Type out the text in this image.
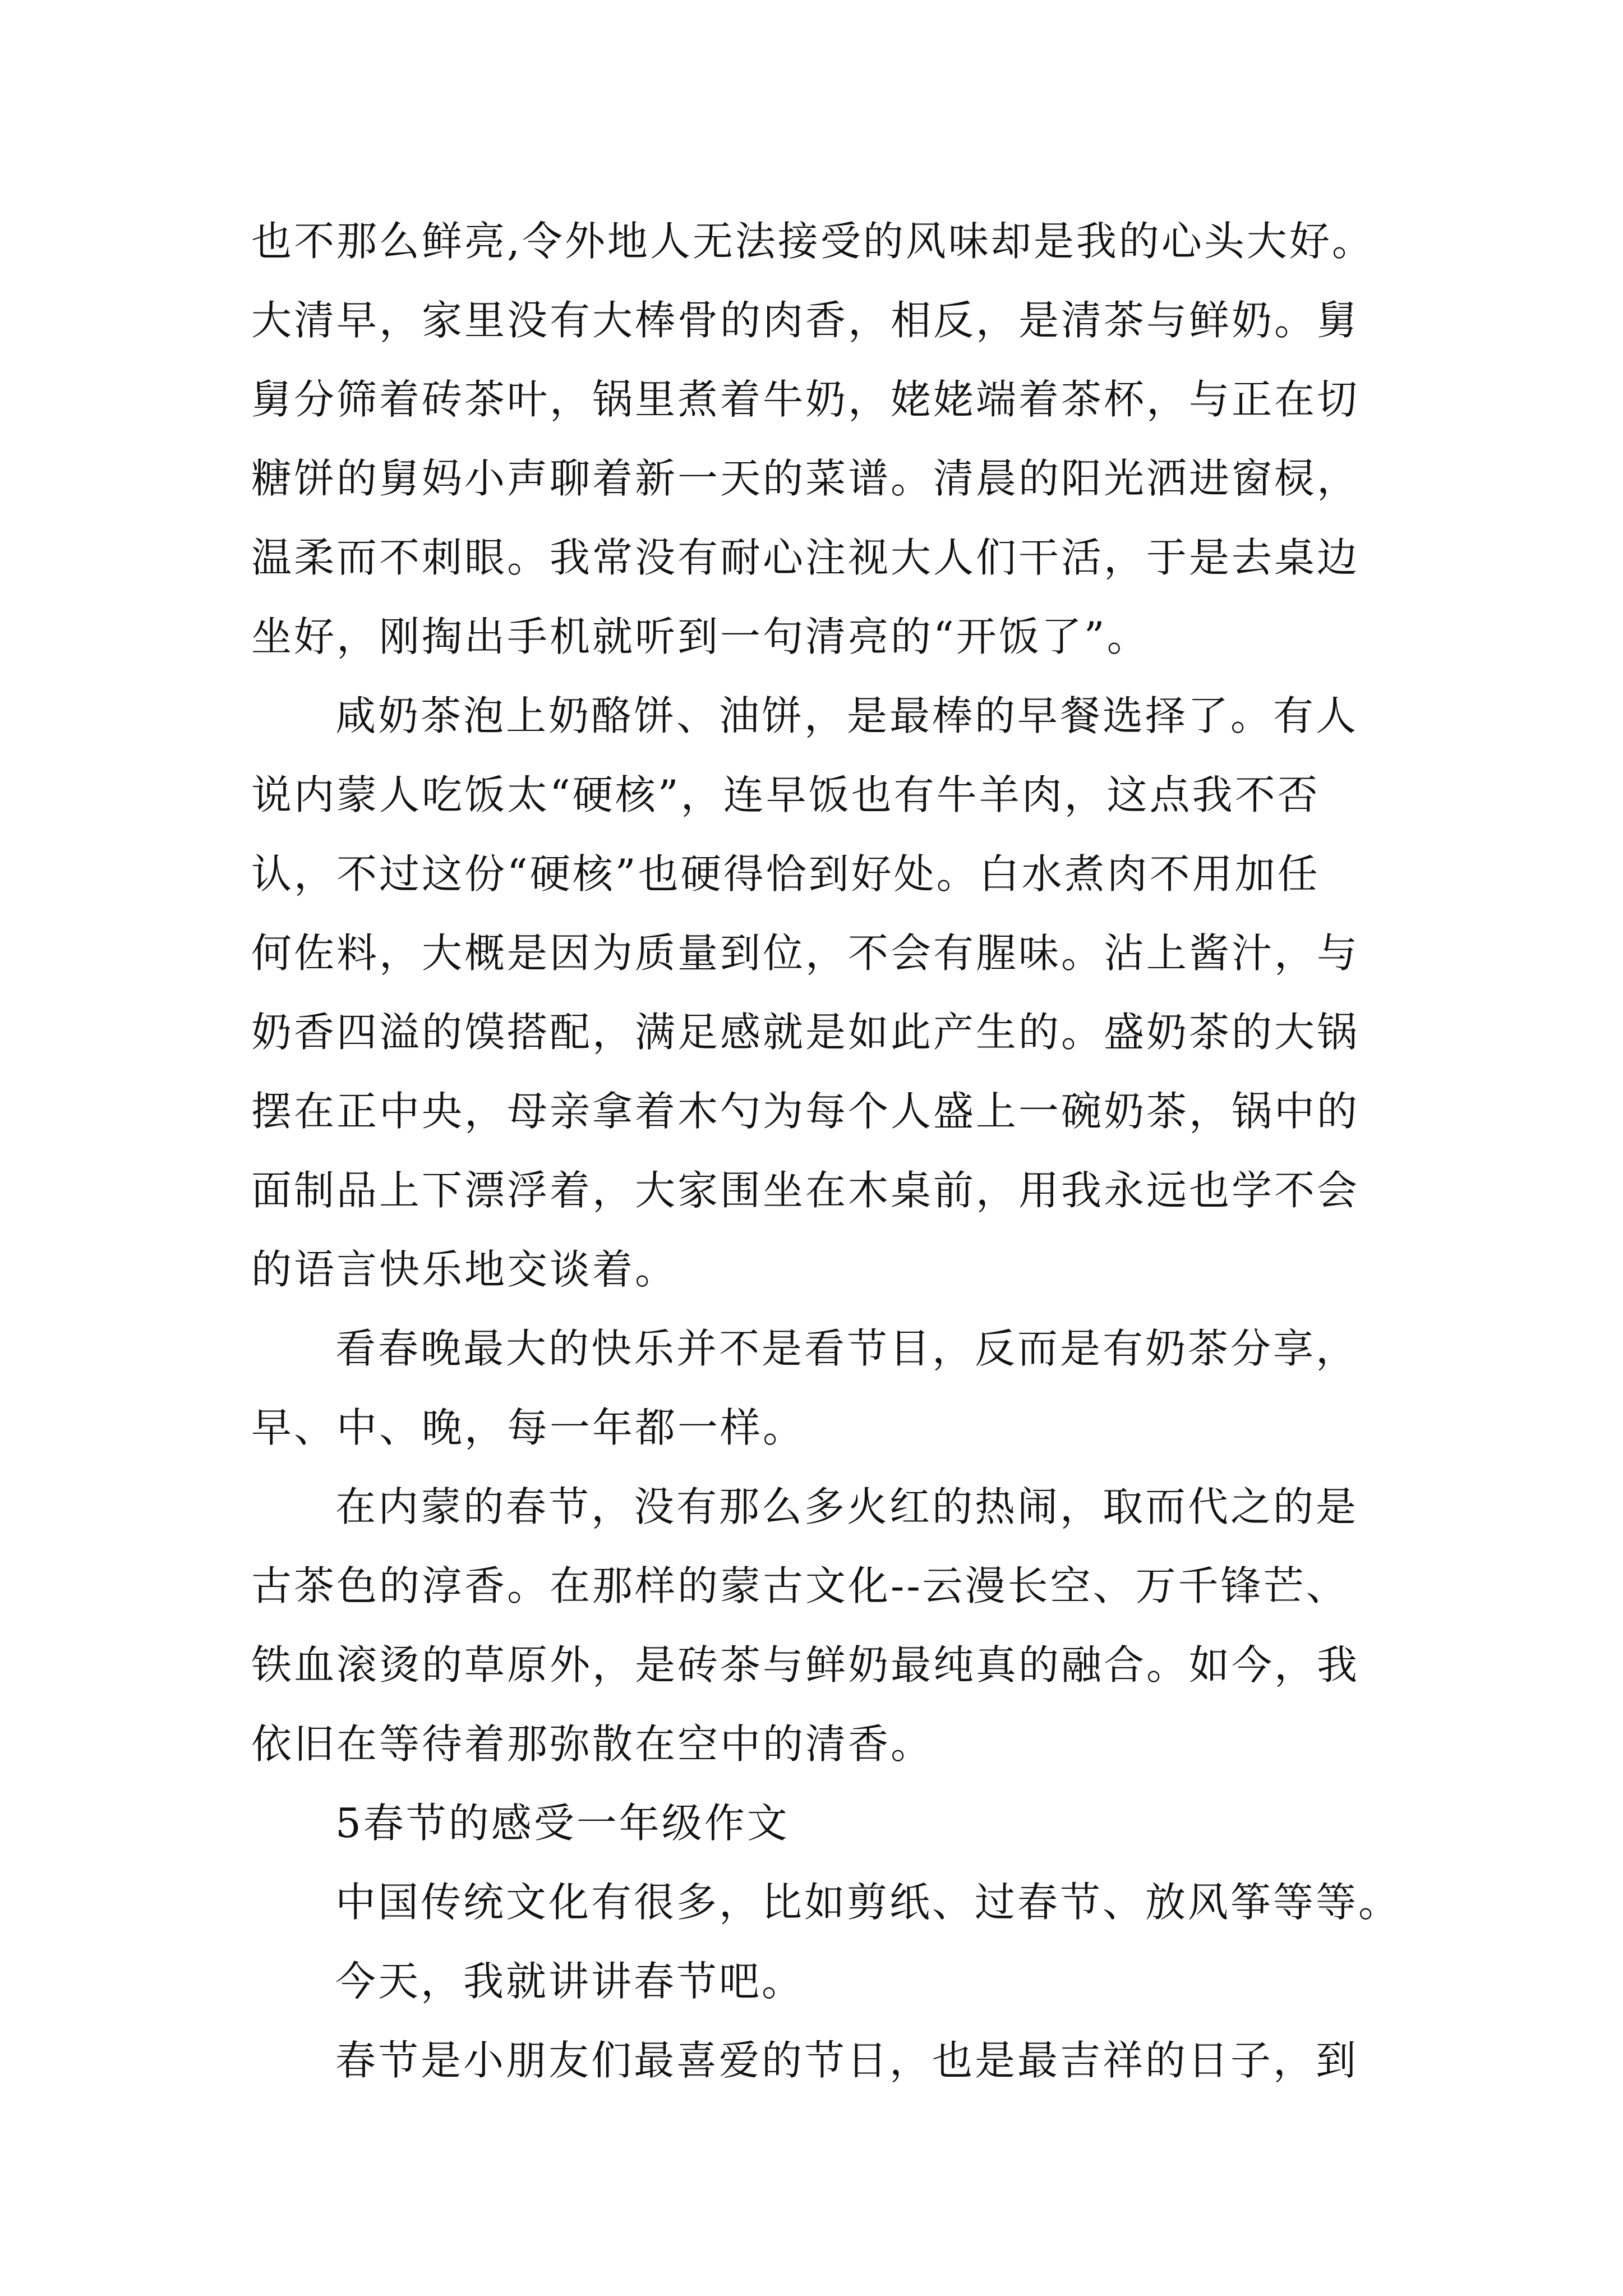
也不那么鲜亮,令外地人无法接受的风味却是我的心头大好。
大清早，家里没有大棒骨的肉香，相反，是清茶与鲜奶。舅
舅分筛着砖茶叶，锅里煮着牛奶，姥姥端着茶杯，与正在切
糖饼的舅妈小声聊着新一天的菜谱。清晨的阳光洒进窗棂，
温柔而不刺眼。我常没有耐心注视大人们干活，于是去桌边
坐好，刚掏出手机就听到一句清亮的“开饭了”。
咸奶茶泡上奶酪饼、油饼，是最棒的早餐选择了。有人
说内蒙人吃饭太“硬核”，连早饭也有牛羊肉，这点我不否
认，不过这份“硬核”也硬得恰到好处。白水煮肉不用加任
何佐料，大概是因为质量到位，不会有腥味。沾上酱汁，与
奶香四溢的馍搭配，满足感就是如此产生的。盛奶茶的大锅
摆在正中央，母亲拿着木勺为每个人盛上一碗奶茶，锅中的
面制品上下漂浮着，大家围坐在木桌前，用我永远也学不会
的语言快乐地交谈着。
看春晚最大的快乐并不是看节目，反而是有奶茶分享，
早、中、晚，每一年都一样。
在内蒙的春节，没有那么多火红的热闹，取而代之的是
古茶色的淳香。在那样的蒙古文化--云漫长空、万千锋芒、
铁血滚烫的草原外，是砖茶与鲜奶最纯真的融合。如今，我
依旧在等待着那弥散在空中的清香。
5春节的感受一年级作文
中国传统文化有很多，比如剪纸、过春节、放风筝等等。
今天，我就讲讲春节吧。
春节是小朋友们最喜爱的节日，也是最吉祥的日子，到
